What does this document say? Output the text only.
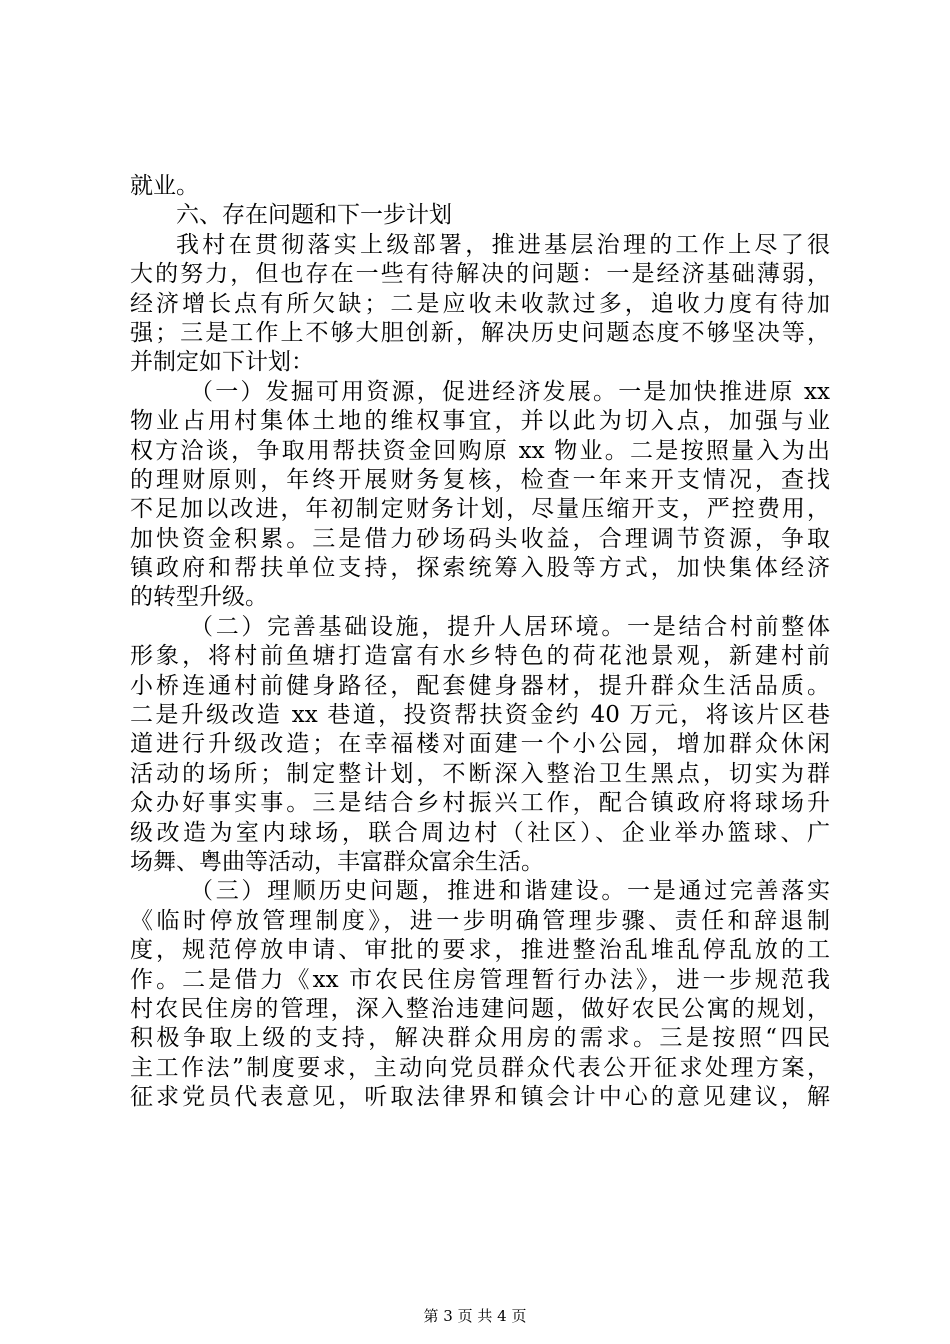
就业。
六、存在问题和下一步计划
我村在贯彻落实上级部署，推进基层治理的工作上尽了很
大的努力，但也存在一些有待解决的问题：一是经济基础薄弱，
经济增长点有所欠缺；二是应收未收款过多，追收力度有待加
强；三是工作上不够大胆创新，解决历史问题态度不够坚决等，
并制定如下计划：
（一）发掘可用资源，促进经济发展。一是加快推进原 xx
物业占用村集体土地的维权事宜，并以此为切入点，加强与业
权方洽谈，争取用帮扶资金回购原 xx 物业。二是按照量入为出
的理财原则，年终开展财务复核，检查一年来开支情况，查找
不足加以改进，年初制定财务计划，尽量压缩开支，严控费用，
加快资金积累。三是借力砂场码头收益，合理调节资源，争取
镇政府和帮扶单位支持，探索统筹入股等方式，加快集体经济
的转型升级。
（二）完善基础设施，提升人居环境。一是结合村前整体
形象，将村前鱼塘打造富有水乡特色的荷花池景观，新建村前
小桥连通村前健身路径，配套健身器材，提升群众生活品质。
二是升级改造 xx 巷道，投资帮扶资金约 40 万元，将该片区巷
道进行升级改造；在幸福楼对面建一个小公园，增加群众休闲
活动的场所；制定整计划，不断深入整治卫生黑点，切实为群
众办好事实事。三是结合乡村振兴工作，配合镇政府将球场升
级改造为室内球场，联合周边村（社区）、企业举办篮球、广
场舞、粤曲等活动，丰富群众富余生活。
（三）理顺历史问题，推进和谐建设。一是通过完善落实
《临时停放管理制度》，进一步明确管理步骤、责任和辞退制
度，规范停放申请、审批的要求，推进整治乱堆乱停乱放的工
作。二是借力《xx 市农民住房管理暂行办法》，进一步规范我
村农民住房的管理，深入整治违建问题，做好农民公寓的规划，
积极争取上级的支持，解决群众用房的需求。三是按照“四民
主工作法”制度要求，主动向党员群众代表公开征求处理方案，
征求党员代表意见，听取法律界和镇会计中心的意见建议，解
第 3 页 共 4 页
